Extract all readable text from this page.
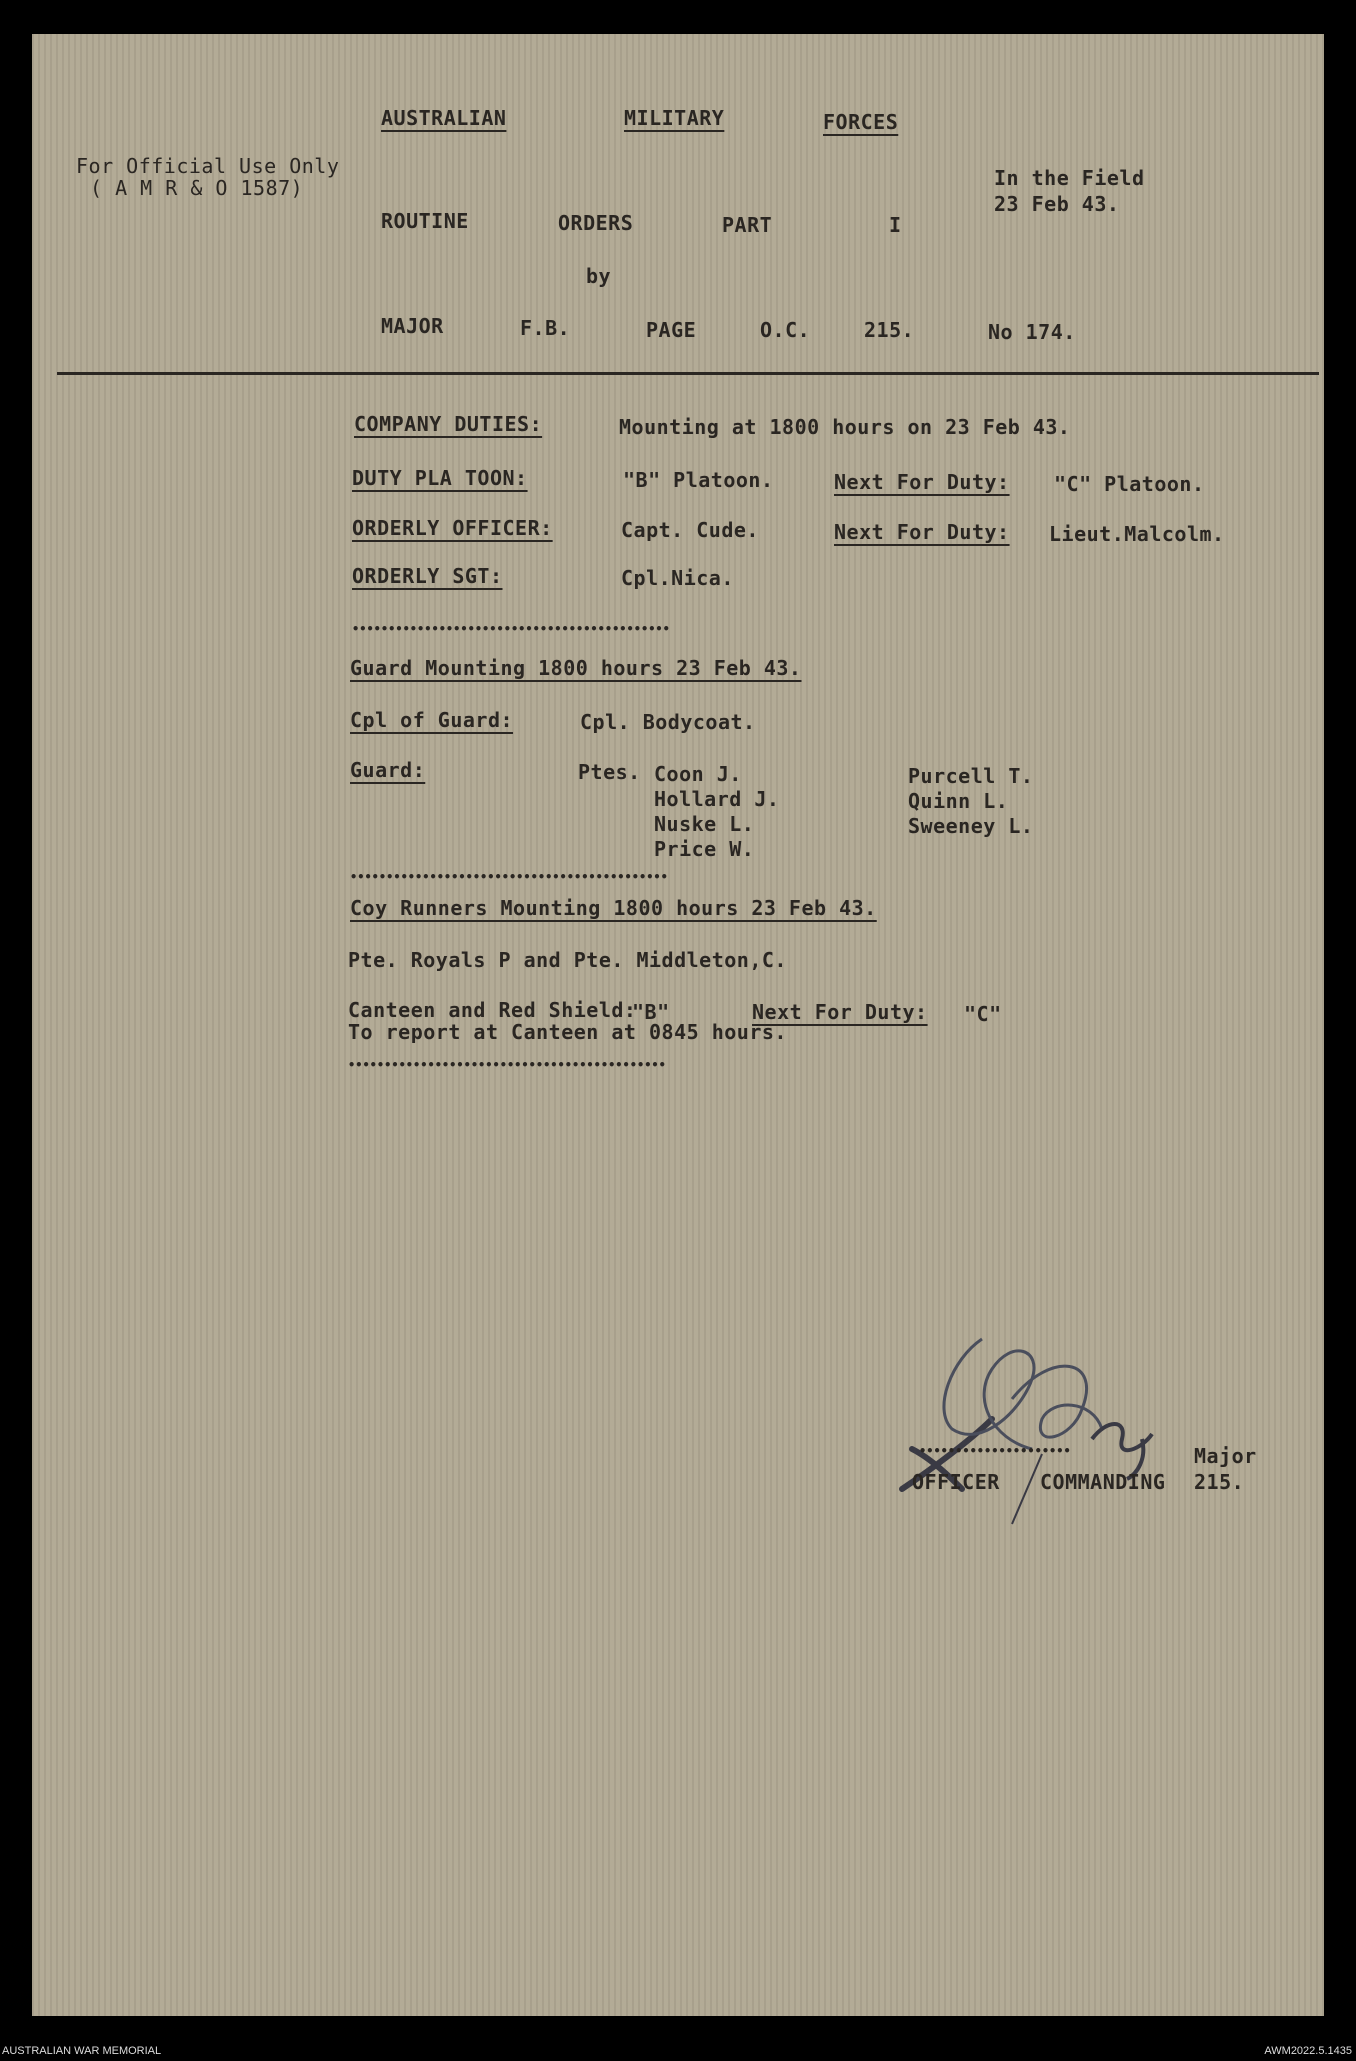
For Official Use Only
( A M R & O 1587)
AUSTRALIAN	MILITARY	FORCES
ROUTINE	ORDERS	PART	I
by
MAJOR	F.B.	PAGE	O.C.	215.	No 174.
In the Field
23 Feb 43.
COMPANY DUTIES:	Mounting at 1800 hours on 23 Feb 43.
DUTY PLA TOON:	"B" Platoon.	Next For Duty: "C" Platoon.
ORDERLY OFFICER:	Capt. Cude.	Next For Duty: Lieut.Malcolm.
ORDERLY SGT:	Cpl.Nicа.
••••••••••••••••••••••••••••••••••••••••••••
Guard Mounting 1800 hours 23 Feb 43.
Cpl of Guard:	Cpl. Bodycoat.
Guard:	Ptes. Coon J.
Hollard J.
Nuske L.
Price W.
Purcell T.
Quinn L.
Sweeney L.
••••••••••••••••••••••••••••••••••••••••••••
Coy Runners Mounting 1800 hours 23 Feb 43.
Pte. Royals P and Pte. Middleton,C.
Canteen and Red Shield:
"B"	Next For Duty: "C"
To report at Canteen at 0845 hours.
••••••••••••••••••••••••••••••••••••••••••••
•••••••••••••••••••••	Major
OFFICER COMMANDING 215.
AUSTRALIAN WAR MEMORIAL	AWM2022.5.1435
